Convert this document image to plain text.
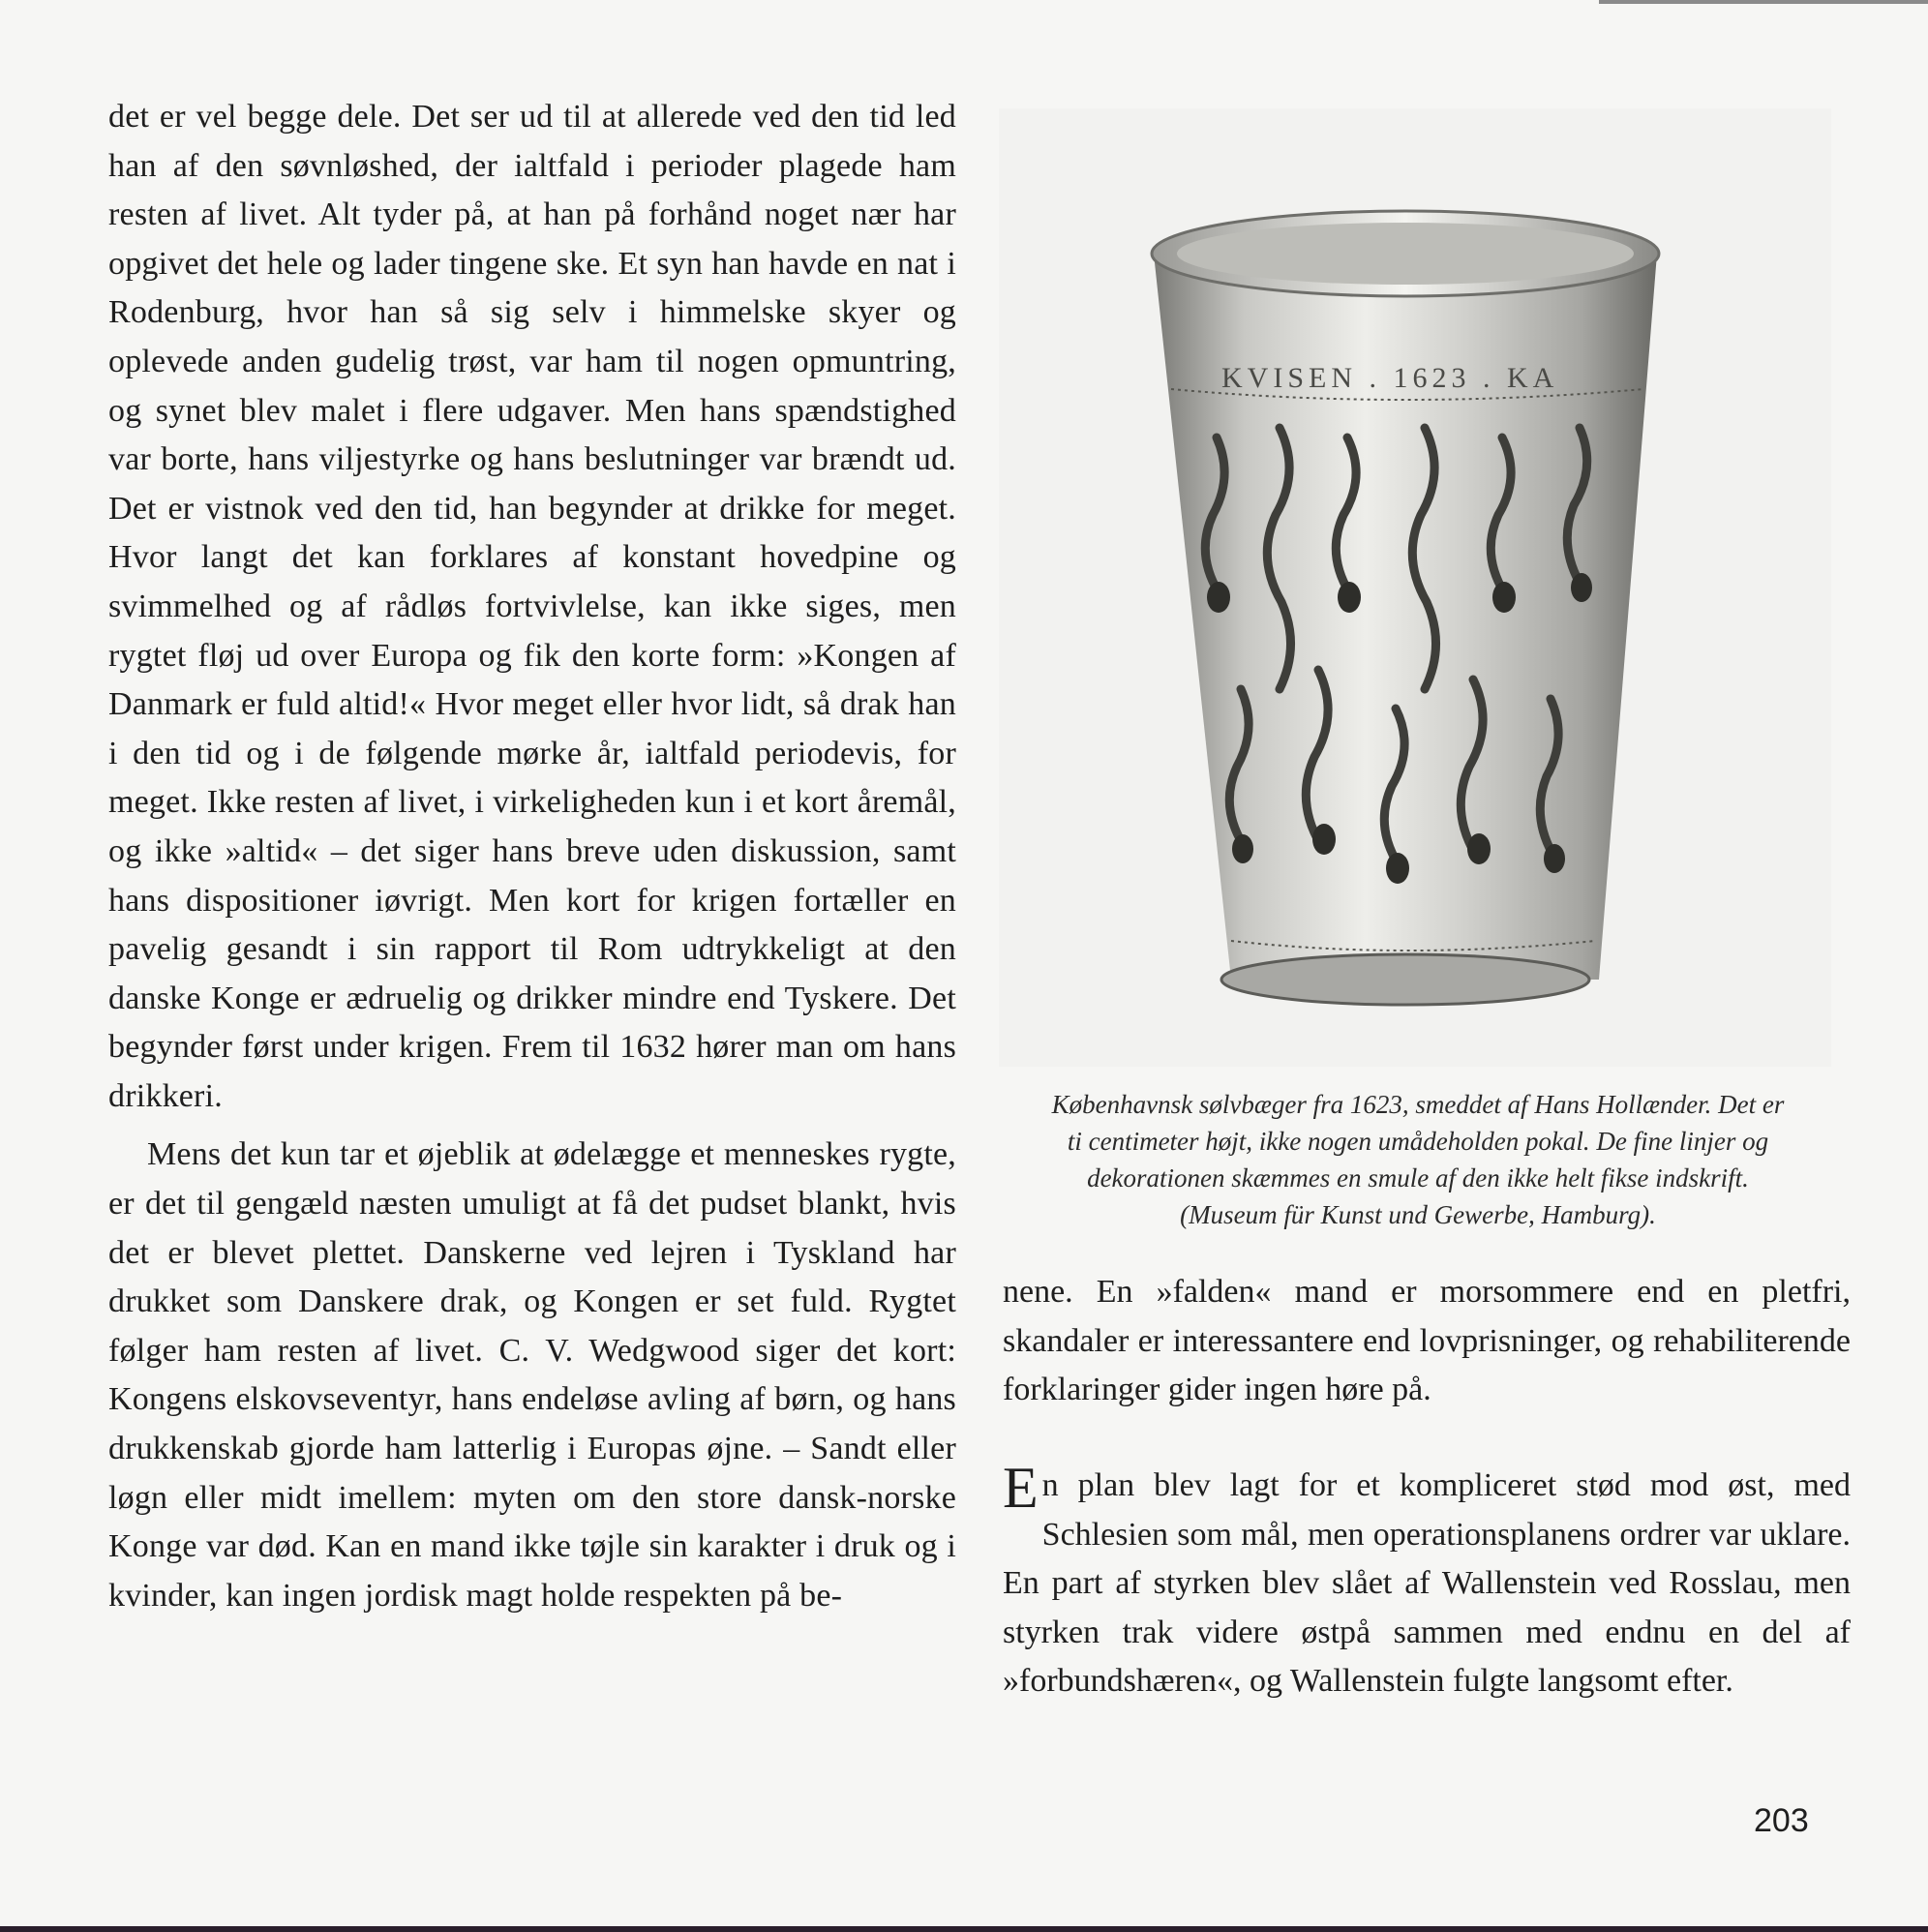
det er vel begge dele. Det ser ud til at allerede ved den tid led han af den søvnløshed, der ialtfald i perioder plagede ham resten af livet. Alt tyder på, at han på forhånd noget nær har opgivet det hele og lader tingene ske. Et syn han havde en nat i Rodenburg, hvor han så sig selv i himmelske skyer og oplevede anden gudelig trøst, var ham til nogen opmuntring, og synet blev malet i flere udgaver. Men hans spændstighed var borte, hans viljestyrke og hans beslutninger var brændt ud. Det er vistnok ved den tid, han begynder at drikke for meget. Hvor langt det kan forklares af konstant hovedpine og svimmelhed og af rådløs fortvivlelse, kan ikke siges, men rygtet fløj ud over Europa og fik den korte form: »Kongen af Danmark er fuld altid!« Hvor meget eller hvor lidt, så drak han i den tid og i de følgende mørke år, ialtfald periodevis, for meget. Ikke resten af livet, i virkeligheden kun i et kort åremål, og ikke »altid« – det siger hans breve uden diskussion, samt hans dispositioner iøvrigt. Men kort for krigen fortæller en pavelig gesandt i sin rapport til Rom udtrykkeligt at den danske Konge er ædruelig og drikker mindre end Tyskere. Det begynder først under krigen. Frem til 1632 hører man om hans drikkeri.

Mens det kun tar et øjeblik at ødelægge et menneskes rygte, er det til gengæld næsten umuligt at få det pudset blankt, hvis det er blevet plettet. Danskerne ved lejren i Tyskland har drukket som Danskere drak, og Kongen er set fuld. Rygtet følger ham resten af livet. C. V. Wedgwood siger det kort: Kongens elskovseventyr, hans endeløse avling af børn, og hans drukkenskab gjorde ham latterlig i Europas øjne. – Sandt eller løgn eller midt imellem: myten om den store dansk-norske Konge var død. Kan en mand ikke tøjle sin karakter i druk og i kvinder, kan ingen jordisk magt holde respekten på be-

KVISEN . 1623 . KA
Københavnsk sølvbæger fra 1623, smeddet af Hans Hollænder. Det er
ti centimeter højt, ikke nogen umådeholden pokal. De fine linjer og
dekorationen skæmmes en smule af den ikke helt fikse indskrift.
(Museum für Kunst und Gewerbe, Hamburg).

nene. En »falden« mand er morsommere end en pletfri, skandaler er interessantere end lovprisninger, og rehabiliterende forklaringer gider ingen høre på.

En plan blev lagt for et kompliceret stød mod øst, med Schlesien som mål, men operationsplanens ordrer var uklare. En part af styrken blev slået af Wallenstein ved Rosslau, men styrken trak videre østpå sammen med endnu en del af »forbundshæren«, og Wallenstein fulgte langsomt efter.

203
